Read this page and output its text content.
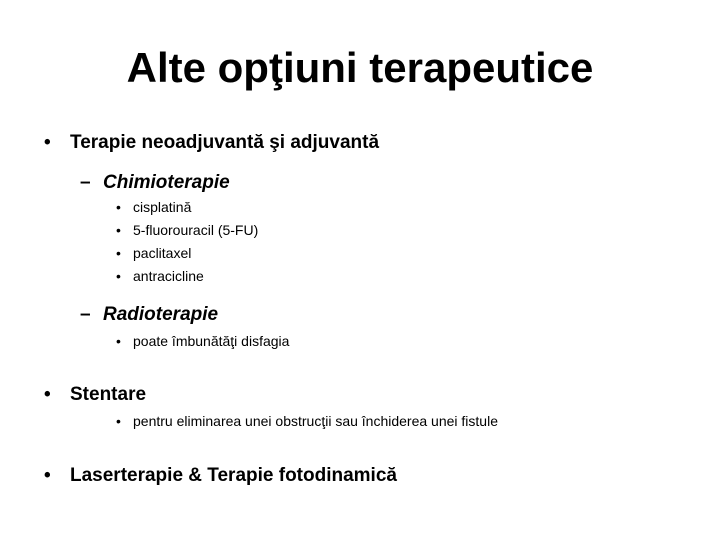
Alte opţiuni terapeutice
• Terapie neoadjuvantă şi adjuvantă
– Chimioterapie
• cisplatină
• 5-fluorouracil (5-FU)
• paclitaxel
• antracicline
– Radioterapie
• poate îmbunătăţi disfagia
• Stentare
• pentru eliminarea unei obstrucţii sau închiderea unei fistule
• Laserterapie & Terapie fotodinamică
